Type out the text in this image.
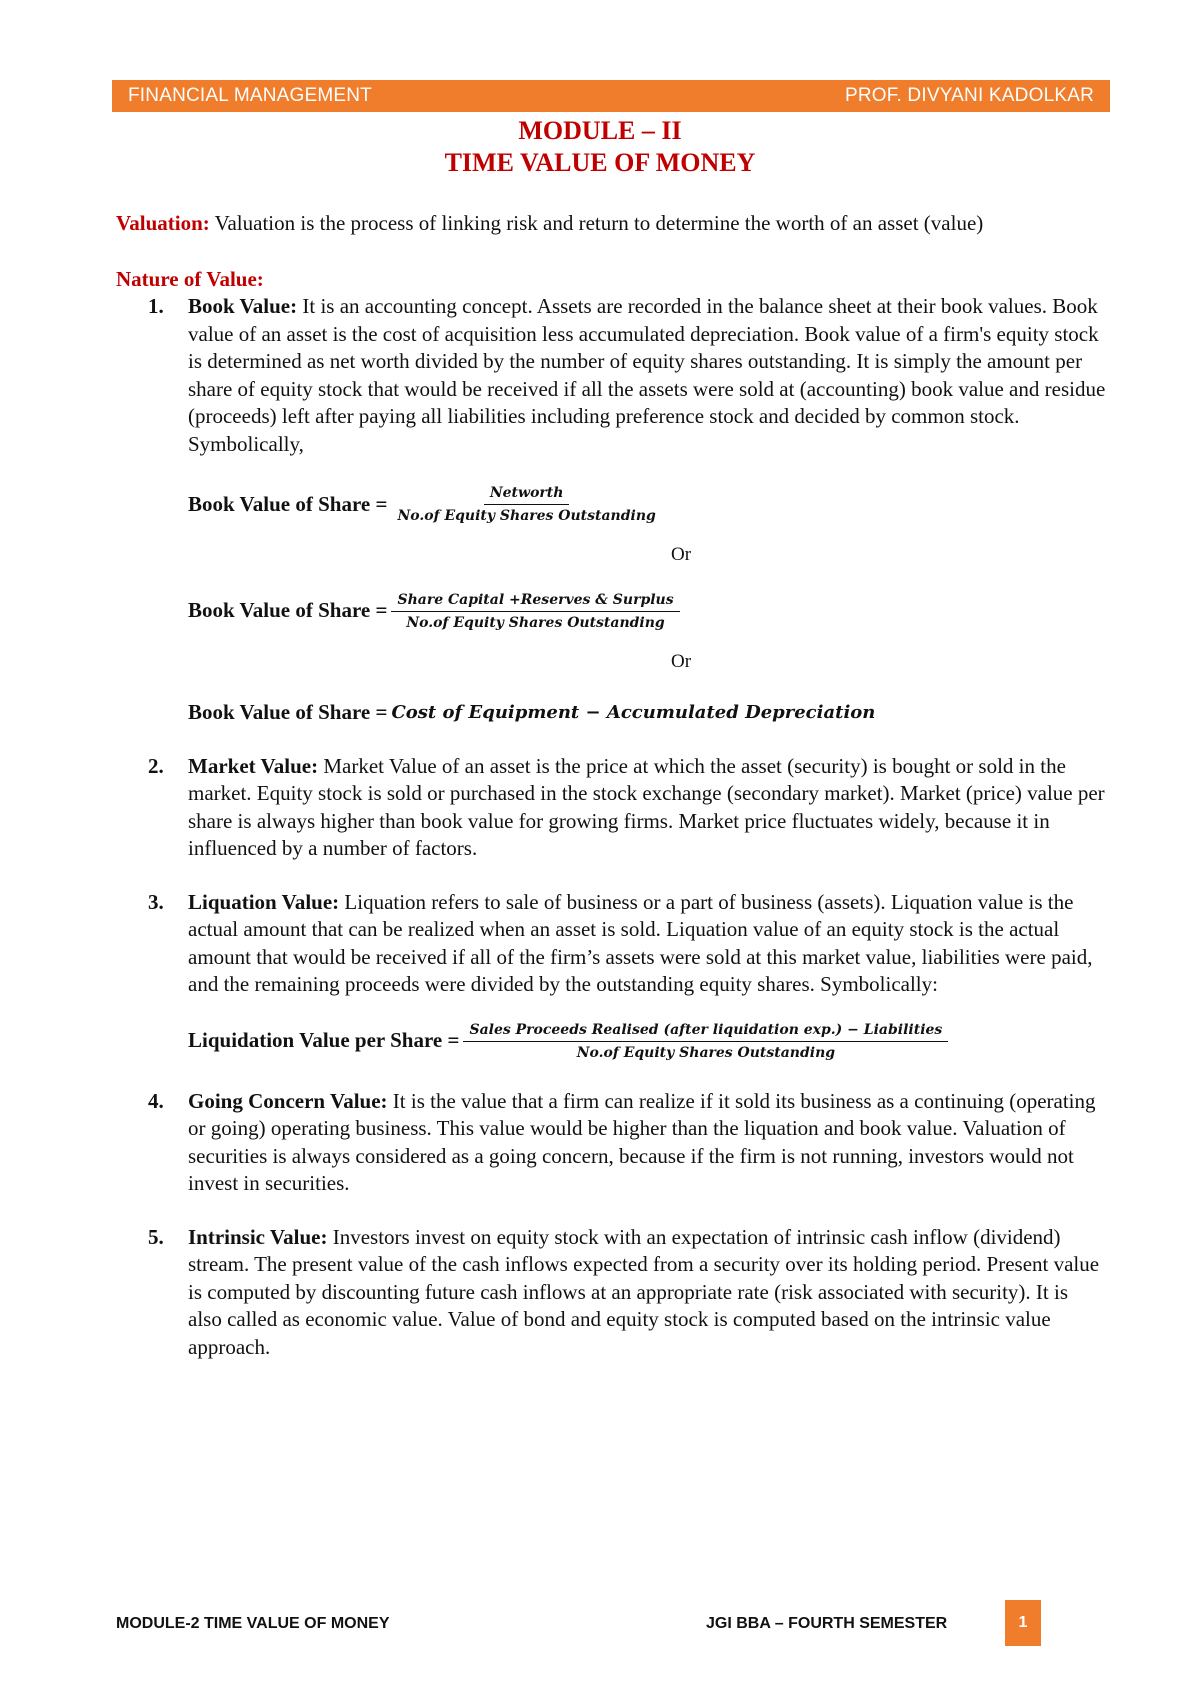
FINANCIAL MANAGEMENT	PROF. DIVYANI KADOLKAR
MODULE – II
TIME VALUE OF MONEY

Valuation: Valuation is the process of linking risk and return to determine the worth of an asset (value)

Nature of Value:

1.	Book Value: It is an accounting concept. Assets are recorded in the balance sheet at their book values. Book value of an asset is the cost of acquisition less accumulated depreciation. Book value of a firm's equity stock is determined as net worth divided by the number of equity shares outstanding. It is simply the amount per share of equity stock that would be received if all the assets were sold at (accounting) book value and residue (proceeds) left after paying all liabilities including preference stock and decided by common stock. Symbolically,
Book Value of Share = $\frac{\text{Networth}}{\text{No.of Equity Shares Outstanding}}$
Or
Book Value of Share = $\frac{\text{Share Capital +Reserves \& Surplus}}{\text{No.of Equity Shares Outstanding}}$
Or
Book Value of Share = Cost of Equipment − Accumulated Depreciation
2.	Market Value: Market Value of an asset is the price at which the asset (security) is bought or sold in the market. Equity stock is sold or purchased in the stock exchange (secondary market). Market (price) value per share is always higher than book value for growing firms. Market price fluctuates widely, because it in influenced by a number of factors.
3.	Liquation Value: Liquation refers to sale of business or a part of business (assets). Liquation value is the actual amount that can be realized when an asset is sold. Liquation value of an equity stock is the actual amount that would be received if all of the firm’s assets were sold at this market value, liabilities were paid, and the remaining proceeds were divided by the outstanding equity shares. Symbolically:
Liquidation Value per Share = Sales Proceeds Realised (after liquidation exp.) − Liabilities
No.of Equity Shares Outstanding
4.	Going Concern Value: It is the value that a firm can realize if it sold its business as a continuing (operating or going) operating business. This value would be higher than the liquation and book value. Valuation of securities is always considered as a going concern, because if the firm is not running, investors would not invest in securities.
5.	Intrinsic Value: Investors invest on equity stock with an expectation of intrinsic cash inflow (dividend) stream. The present value of the cash inflows expected from a security over its holding period. Present value is computed by discounting future cash inflows at an appropriate rate (risk associated with security). It is also called as economic value. Value of bond and equity stock is computed based on the intrinsic value approach.
MODULE-2 TIME VALUE OF MONEY	JGI BBA – FOURTH SEMESTER	1
